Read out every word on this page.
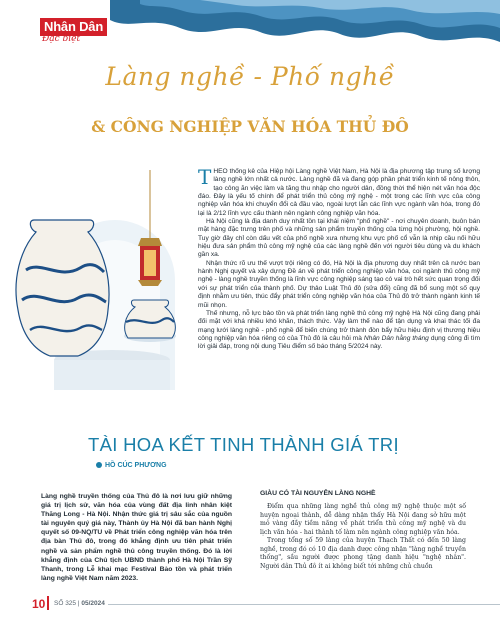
Nhân Dân
Đặc biệt
Làng nghề - Phố nghề
& CÔNG NGHIỆP VĂN HÓA THỦ ĐÔ

THEO thống kê của Hiệp hội Làng nghề Việt Nam, Hà Nội là địa phương tập trung số lượng làng nghề lớn nhất cả nước. Làng nghề đã và đang góp phần phát triển kinh tế nông thôn, tạo công ăn việc làm và tăng thu nhập cho người dân, đồng thời thể hiện nét văn hóa độc đáo. Đây là yếu tố chính để phát triển thủ công mỹ nghệ - một trong các lĩnh vực của công nghiệp văn hóa khi chuyển đổi cả đầu vào, ngoài lượt lẫn các lĩnh vực ngành văn hóa, trong đó lại là 2/12 lĩnh vực cấu thành nên ngành công nghiệp văn hóa.

Hà Nội cũng là địa danh duy nhất tồn tại khái niệm "phố nghề" - nơi chuyên doanh, buôn bán mặt hàng đặc trưng trên phố và những sản phẩm truyền thống của từng hội phường, hội nghề. Tuy giờ đây chỉ còn dấu vết của phố nghề xưa nhưng khu vực phố cổ vẫn là nhịp cầu nối hữu hiệu đưa sản phẩm thủ công mỹ nghệ của các làng nghề đến với người tiêu dùng và du khách gần xa.

Nhận thức rõ ưu thế vượt trội riêng có đó, Hà Nội là địa phương duy nhất trên cả nước ban hành Nghị quyết và xây dựng Đề án về phát triển công nghiệp văn hóa, coi ngành thủ công mỹ nghệ - làng nghề truyền thống là lĩnh vực công nghiệp sáng tạo có vai trò hết sức quan trọng đối với sự phát triển của thành phố. Dự thảo Luật Thủ đô (sửa đổi) cũng đã bổ sung một số quy định nhằm ưu tiên, thúc đẩy phát triển công nghiệp văn hóa của Thủ đô trở thành ngành kinh tế mũi nhọn.

Thế nhưng, nỗ lực bảo tồn và phát triển làng nghề thủ công mỹ nghệ Hà Nội cũng đang phải đối mặt với khá nhiều khó khăn, thách thức. Vậy làm thế nào để tận dụng và khai thác tối đa mạng lưới làng nghề - phố nghề để biến chúng trở thành đòn bẩy hữu hiệu định vị thương hiệu công nghiệp văn hóa riêng có của Thủ đô là câu hỏi mà Nhân Dân hằng tháng dụng công đi tìm lời giải đáp, trong nội dung Tiêu điểm số báo tháng 5/2024 này.

TÀI HOA KẾT TINH THÀNH GIÁ TRỊ
HỒ CÚC PHƯƠNG
Làng nghề truyền thống của Thủ đô là nơi lưu giữ những giá trị lịch sử, văn hóa của vùng đất địa linh nhân kiệt Thăng Long - Hà Nội. Nhận thức giá trị sâu sắc của nguồn tài nguyên quý giá này, Thành ủy Hà Nội đã ban hành Nghị quyết số 09-NQ/TU về Phát triển công nghiệp văn hóa trên địa bàn Thủ đô, trong đó khẳng định ưu tiên phát triển nghề và sản phẩm nghề thủ công truyền thống. Đó là lời khẳng định của Chủ tịch UBND thành phố Hà Nội Trần Sỹ Thanh, trong Lễ khai mạc Festival Bảo tồn và phát triển làng nghề Việt Nam năm 2023.
GIÀU CÓ TÀI NGUYÊN LÀNG NGHỀ

Điểm qua những làng nghề thủ công mỹ nghệ thuộc một số huyện ngoại thành, dễ dàng nhận thấy Hà Nội đang sở hữu một mỏ vàng đầy tiềm năng về phát triển thủ công mỹ nghệ và du lịch văn hóa - hai thành tố làm nên ngành công nghiệp văn hóa.

Trong tổng số 59 làng của huyện Thạch Thất có đến 50 làng nghề, trong đó có 10 địa danh được công nhận "làng nghề truyền thống", sầu người được phong tặng danh hiệu "nghệ nhân". Người dân Thủ đô ít ai không biết tới những chủ chuồn

10 SỐ 325 | 05/2024
